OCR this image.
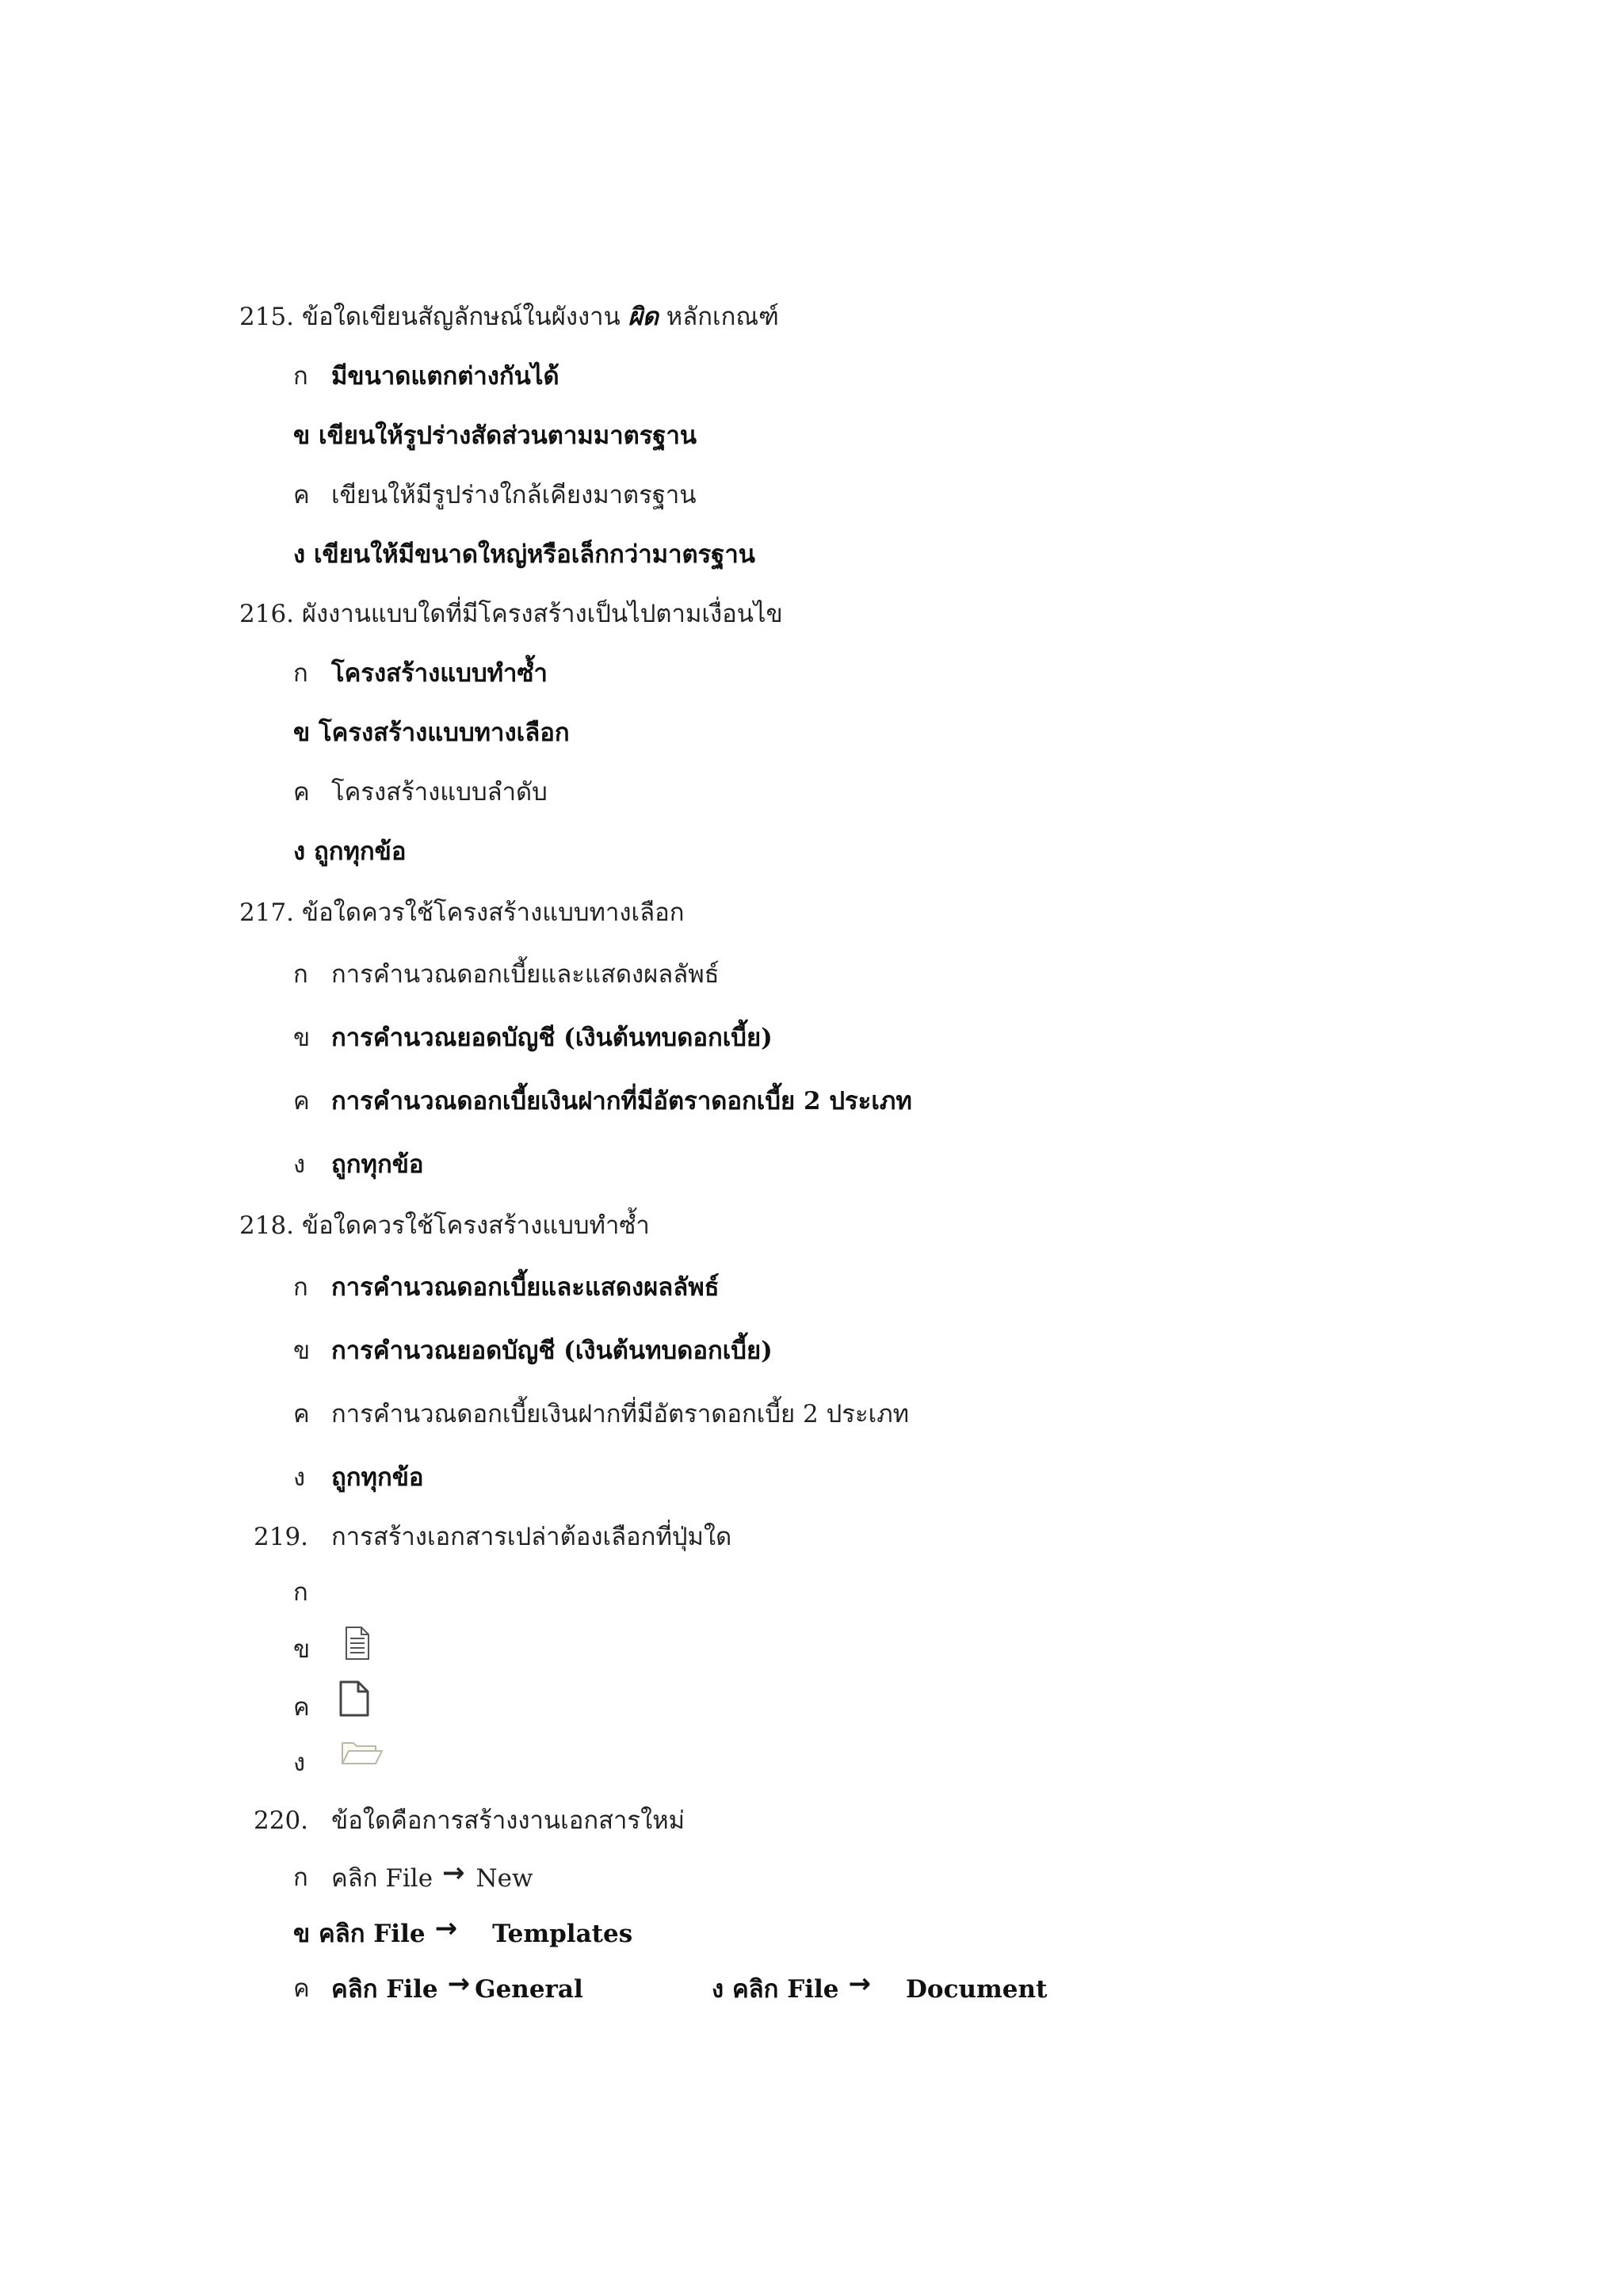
215. ข้อใดเขียนสัญลักษณ์ในผังงาน ผิด หลักเกณฑ์
ก มีขนาดแตกต่างกันได้
ข เขียนให้รูปร่างสัดส่วนตามมาตรฐาน
ค เขียนให้มีรูปร่างใกล้เคียงมาตรฐาน
ง เขียนให้มีขนาดใหญ่หรือเล็กกว่ามาตรฐาน
216. ผังงานแบบใดที่มีโครงสร้างเป็นไปตามเงื่อนไข
ก โครงสร้างแบบทำซ้ำ
ข โครงสร้างแบบทางเลือก
ค โครงสร้างแบบลำดับ
ง ถูกทุกข้อ
217. ข้อใดควรใช้โครงสร้างแบบทางเลือก
ก การคำนวณดอกเบี้ยและแสดงผลลัพธ์
ข การคำนวณยอดบัญชี (เงินต้นทบดอกเบี้ย)
ค การคำนวณดอกเบี้ยเงินฝากที่มีอัตราดอกเบี้ย 2 ประเภท
ง ถูกทุกข้อ
218. ข้อใดควรใช้โครงสร้างแบบทำซ้ำ
ก การคำนวณดอกเบี้ยและแสดงผลลัพธ์
ข การคำนวณยอดบัญชี (เงินต้นทบดอกเบี้ย)
ค การคำนวณดอกเบี้ยเงินฝากที่มีอัตราดอกเบี้ย 2 ประเภท
ง ถูกทุกข้อ
219. การสร้างเอกสารเปล่าต้องเลือกที่ปุ่มใด
ก
ข
ค
ง
220. ข้อใดคือการสร้างงานเอกสารใหม่
ก คลิก File → New
ข คลิก File → Templates
ค คลิก File → General	ง คลิก File → Document
